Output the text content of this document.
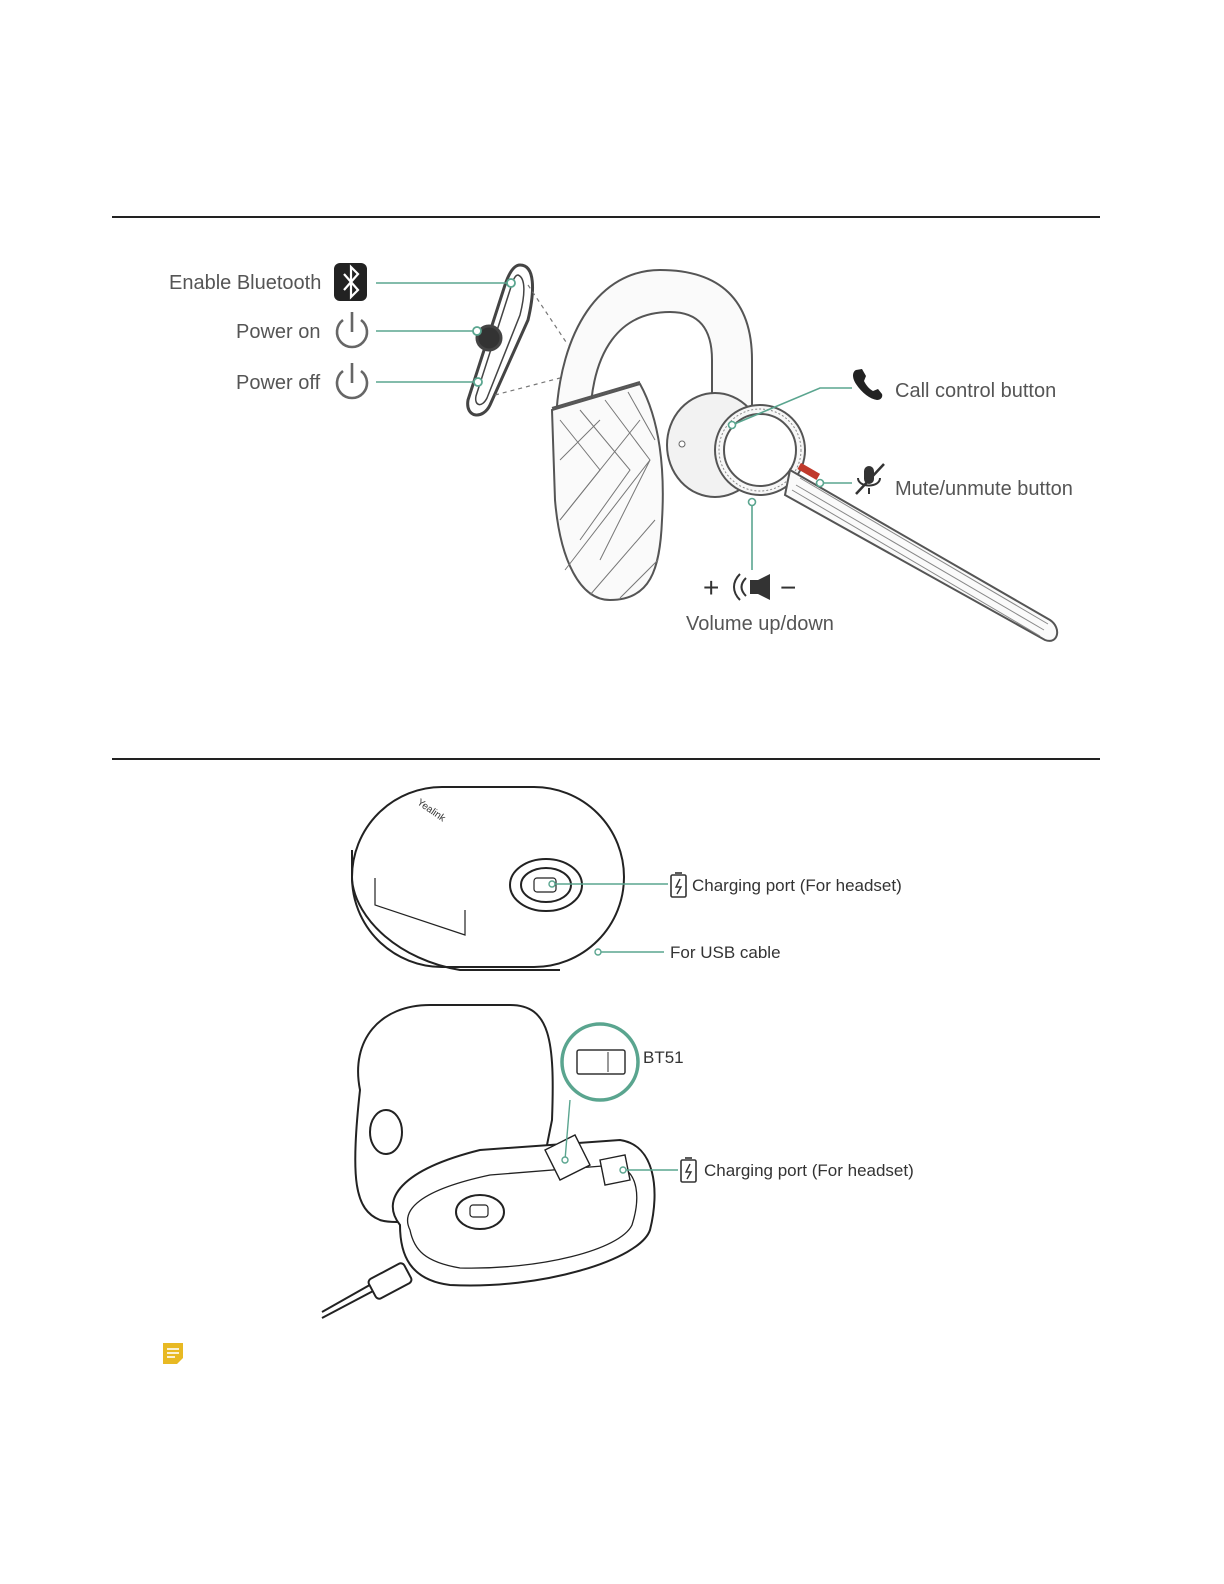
Enable Bluetooth
Power on
Power off	Call control button
Mute/unmute button
+ −
Volume up/down
Yealink
Charging port (For headset)
For USB cable
BT51
Charging port (For headset)
